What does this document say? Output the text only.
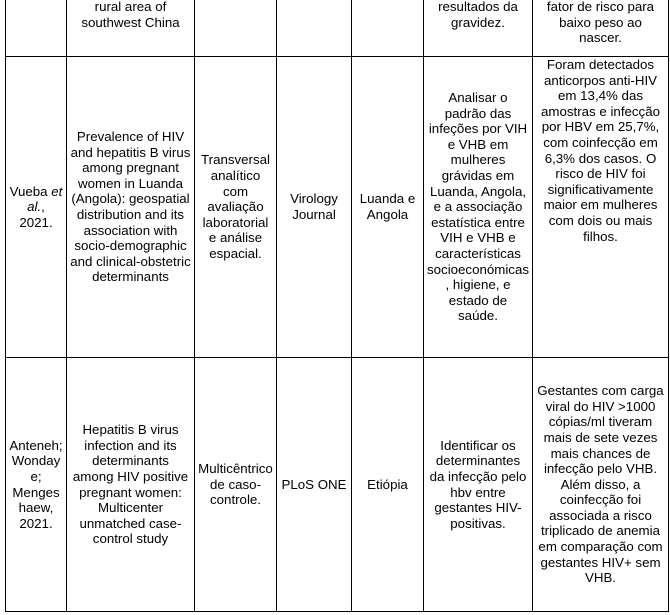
	rural area of southwest China				resultados da gravidez.	fator de risco para baixo peso ao nascer.
Vueba et al., 2021.	Prevalence of HIV and hepatitis B virus among pregnant women in Luanda (Angola): geospatial distribution and its association with socio-demographic and clinical-obstetric determinants	Transversal analítico com avaliação laboratorial e análise espacial.	Virology Journal	Luanda e Angola	Analisar o padrão das infeções por VIH e VHB em mulheres grávidas em Luanda, Angola, e a associação estatística entre VIH e VHB e características socioeconómicas, higiene, e estado de saúde.	Foram detectados anticorpos anti-HIV em 13,4% das amostras e infecção por HBV em 25,7%, com coinfecção em 6,3% dos casos. O risco de HIV foi significativamente maior em mulheres com dois ou mais filhos.
Anteneh; Wondaye; Mengeshaew, 2021.	Hepatitis B virus infection and its determinants among HIV positive pregnant women: Multicenter unmatched case-control study	Multicêntrico de caso-controle.	PLoS ONE	Etiópia	Identificar os determinantes da infecção pelo hbv entre gestantes HIV-positivas.	Gestantes com carga viral do HIV >1000 cópias/ml tiveram mais de sete vezes mais chances de infecção pelo VHB. Além disso, a coinfecção foi associada a risco triplicado de anemia em comparação com gestantes HIV+ sem VHB.
